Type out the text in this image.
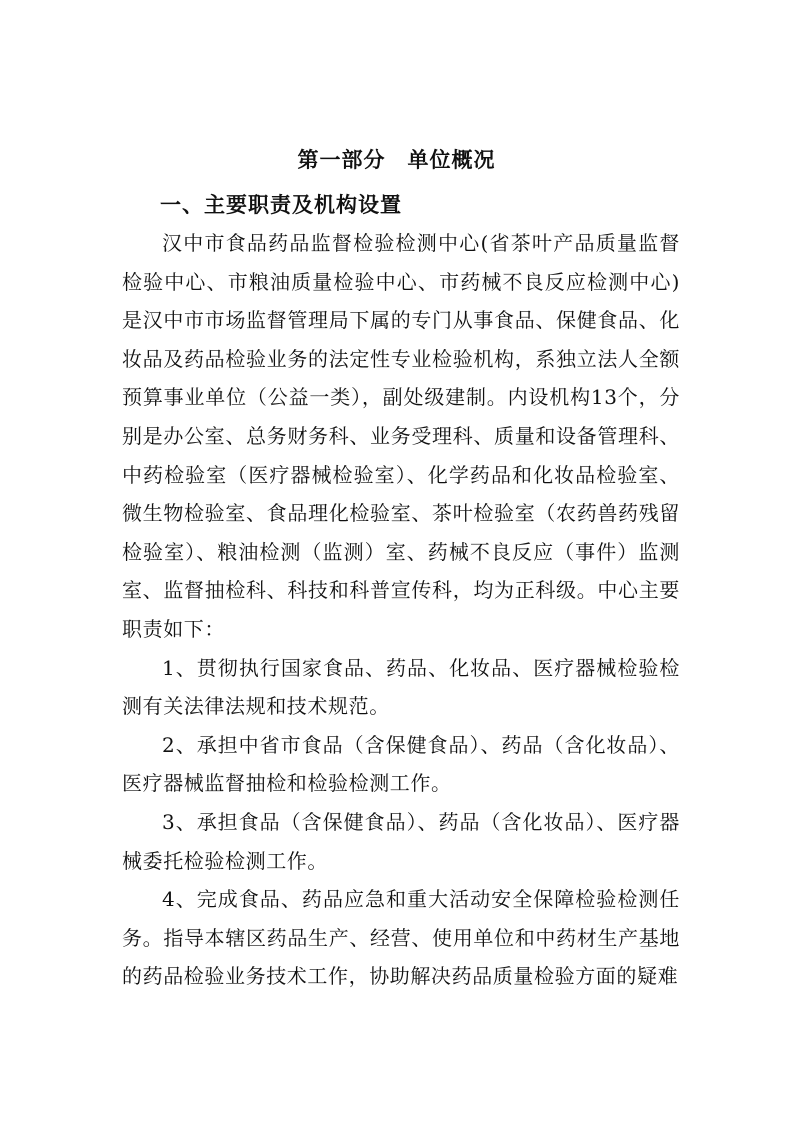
第一部分 单位概况
一、主要职责及机构设置

汉中市食品药品监督检验检测中心(省茶叶产品质量监督检验中心、市粮油质量检验中心、市药械不良反应检测中心)是汉中市市场监督管理局下属的专门从事食品、保健食品、化妆品及药品检验业务的法定性专业检验机构，系独立法人全额预算事业单位（公益一类），副处级建制。内设机构13个，分别是办公室、总务财务科、业务受理科、质量和设备管理科、中药检验室（医疗器械检验室）、化学药品和化妆品检验室、微生物检验室、食品理化检验室、茶叶检验室（农药兽药残留检验室）、粮油检测（监测）室、药械不良反应（事件）监测室、监督抽检科、科技和科普宣传科，均为正科级。中心主要职责如下：

1、贯彻执行国家食品、药品、化妆品、医疗器械检验检测有关法律法规和技术规范。

2、承担中省市食品（含保健食品）、药品（含化妆品）、医疗器械监督抽检和检验检测工作。

3、承担食品（含保健食品）、药品（含化妆品）、医疗器械委托检验检测工作。

4、完成食品、药品应急和重大活动安全保障检验检测任务。指导本辖区药品生产、经营、使用单位和中药材生产基地的药品检验业务技术工作，协助解决药品质量检验方面的疑难
